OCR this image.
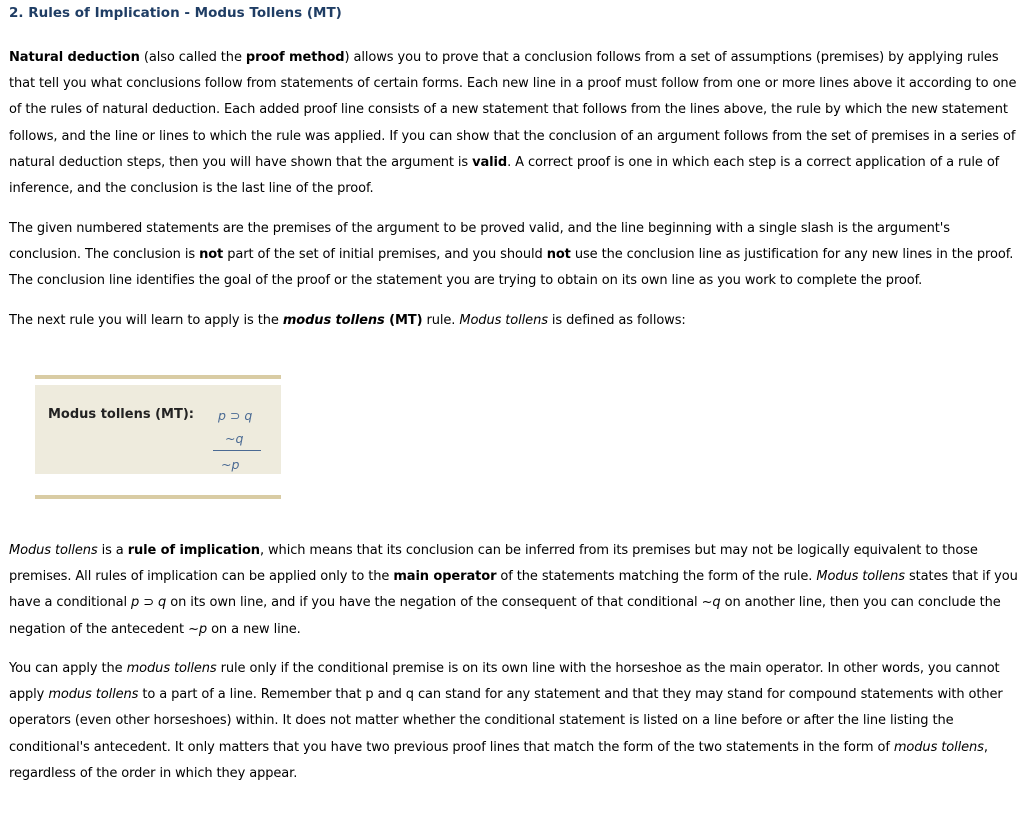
2. Rules of Implication - Modus Tollens (MT)

Natural deduction (also called the proof method) allows you to prove that a conclusion follows from a set of assumptions (premises) by applying rules that tell you what conclusions follow from statements of certain forms. Each new line in a proof must follow from one or more lines above it according to one of the rules of natural deduction. Each added proof line consists of a new statement that follows from the lines above, the rule by which the new statement follows, and the line or lines to which the rule was applied. If you can show that the conclusion of an argument follows from the set of premises in a series of natural deduction steps, then you will have shown that the argument is valid. A correct proof is one in which each step is a correct application of a rule of inference, and the conclusion is the last line of the proof.

The given numbered statements are the premises of the argument to be proved valid, and the line beginning with a single slash is the argument's conclusion. The conclusion is not part of the set of initial premises, and you should not use the conclusion line as justification for any new lines in the proof. The conclusion line identifies the goal of the proof or the statement you are trying to obtain on its own line as you work to complete the proof.

The next rule you will learn to apply is the modus tollens (MT) rule. Modus tollens is defined as follows:

Modus tollens (MT): p ⊃ q
~q
~p

Modus tollens is a rule of implication, which means that its conclusion can be inferred from its premises but may not be logically equivalent to those premises. All rules of implication can be applied only to the main operator of the statements matching the form of the rule. Modus tollens states that if you have a conditional p ⊃ q on its own line, and if you have the negation of the consequent of that conditional ~q on another line, then you can conclude the negation of the antecedent ~p on a new line.

You can apply the modus tollens rule only if the conditional premise is on its own line with the horseshoe as the main operator. In other words, you cannot apply modus tollens to a part of a line. Remember that p and q can stand for any statement and that they may stand for compound statements with other operators (even other horseshoes) within. It does not matter whether the conditional statement is listed on a line before or after the line listing the conditional's antecedent. It only matters that you have two previous proof lines that match the form of the two statements in the form of modus tollens, regardless of the order in which they appear.
